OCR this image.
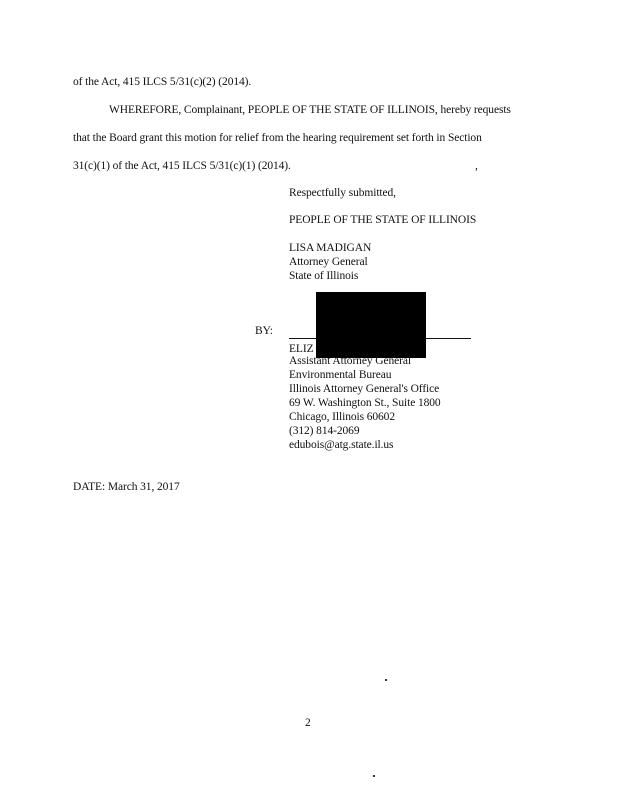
of the Act, 415 ILCS 5/31(c)(2) (2014).
WHEREFORE, Complainant, PEOPLE OF THE STATE OF ILLINOIS, hereby requests
that the Board grant this motion for relief from the hearing requirement set forth in Section
31(c)(1) of the Act, 415 ILCS 5/31(c)(1) (2014).	,
Respectfully submitted,
PEOPLE OF THE STATE OF ILLINOIS
LISA MADIGAN
Attorney General
State of Illinois
BY:
ELIZ
Assistant Attorney General
Environmental Bureau
Illinois Attorney General's Office
69 W. Washington St., Suite 1800
Chicago, Illinois 60602
(312) 814-2069
edubois@atg.state.il.us
DATE: March 31, 2017
2
